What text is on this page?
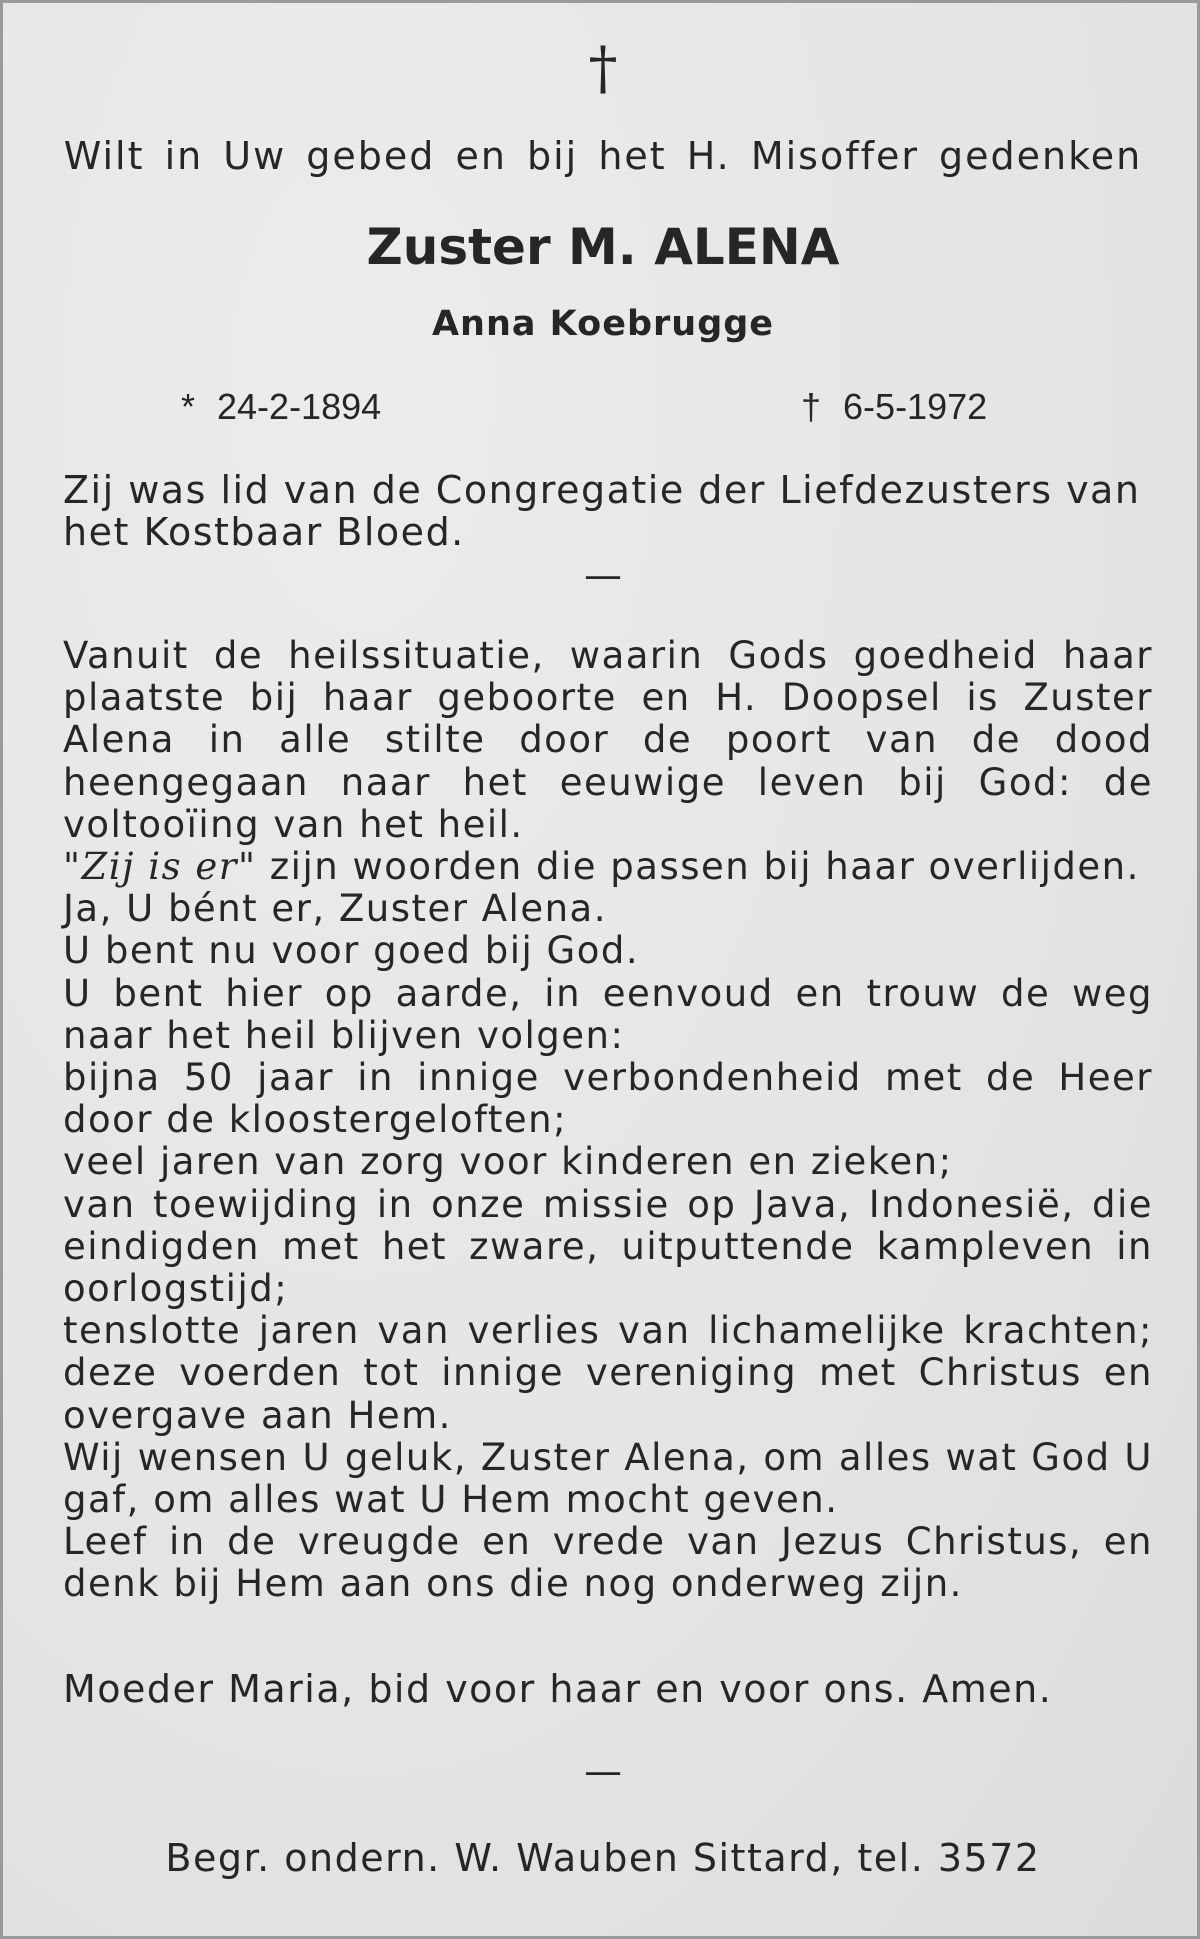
†
Wilt in Uw gebed en bij het H. Misoffer gedenken
Zuster M. ALENA
Anna Koebrugge
* 24-2-1894	† 6-5-1972
Zij was lid van de Congregatie der Liefdezusters van het Kostbaar Bloed.
—

Vanuit de heilssituatie, waarin Gods goedheid haar plaatste bij haar geboorte en H. Doopsel is Zuster Alena in alle stilte door de poort van de dood heengegaan naar het eeuwige leven bij God: de voltooïing van het heil.

"Zij is er" zijn woorden die passen bij haar overlijden.

Ja, U bént er, Zuster Alena.

U bent nu voor goed bij God.

U bent hier op aarde, in eenvoud en trouw de weg naar het heil blijven volgen:

bijna 50 jaar in innige verbondenheid met de Heer door de kloostergeloften;

veel jaren van zorg voor kinderen en zieken;

van toewijding in onze missie op Java, Indonesië, die eindigden met het zware, uitputtende kampleven in oorlogstijd;

tenslotte jaren van verlies van lichamelijke krachten; deze voerden tot innige vereniging met Christus en overgave aan Hem.

Wij wensen U geluk, Zuster Alena, om alles wat God U gaf, om alles wat U Hem mocht geven.

Leef in de vreugde en vrede van Jezus Christus, en denk bij Hem aan ons die nog onderweg zijn.

Moeder Maria, bid voor haar en voor ons. Amen.
—
Begr. ondern. W. Wauben Sittard, tel. 3572
